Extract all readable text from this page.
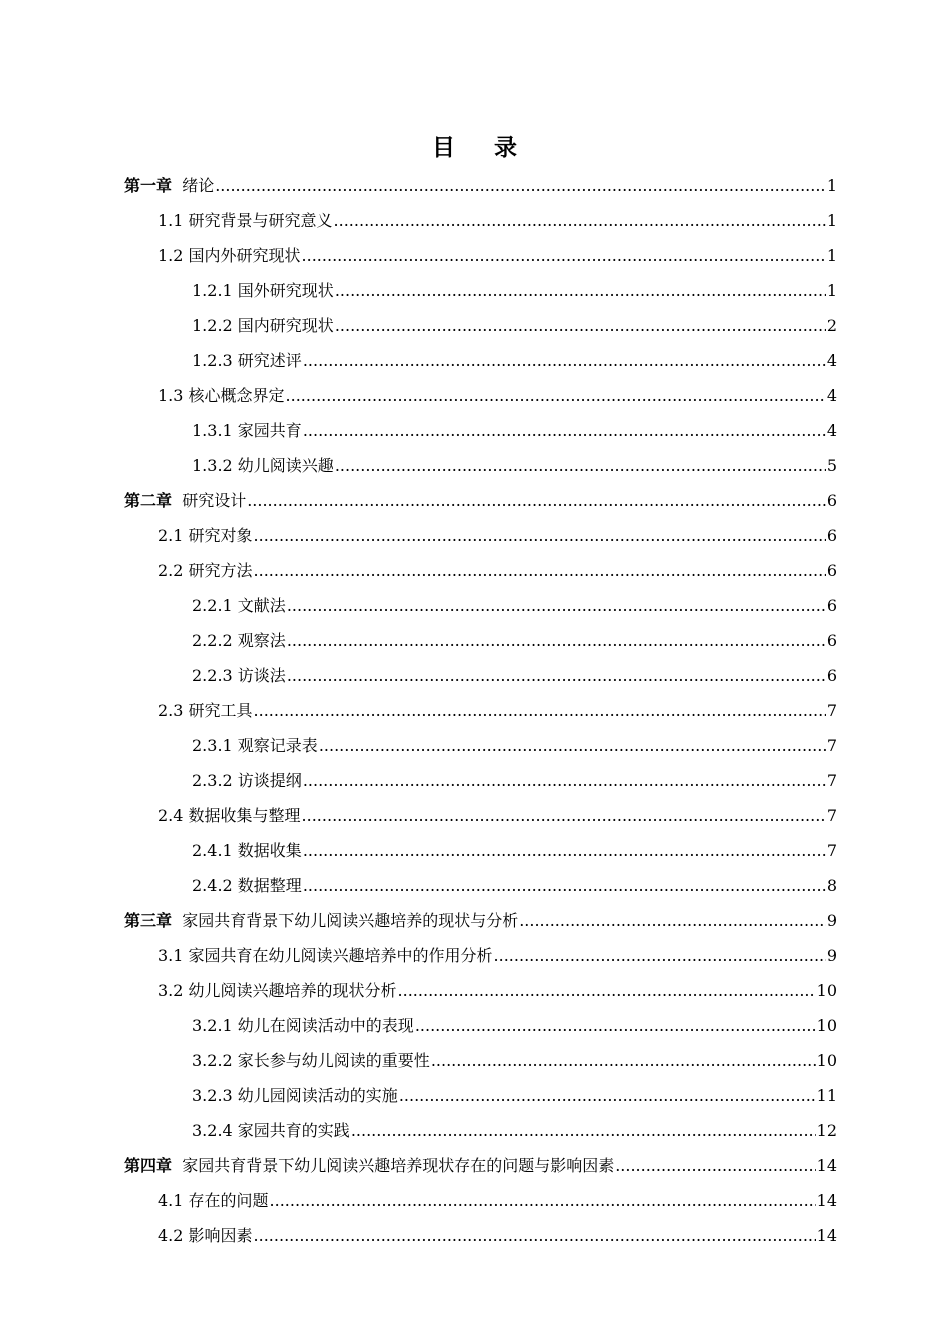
目 录
第一章 绪论 .....	1
1.1 研究背景与研究意义 .....	1
1.2 国内外研究现状 .....	1
1.2.1 国外研究现状 .....	1
1.2.2 国内研究现状 .....	2
1.2.3 研究述评 .....	4
1.3 核心概念界定 .....	4
1.3.1 家园共育 .....	4
1.3.2 幼儿阅读兴趣 .....	5
第二章 研究设计 .....	6
2.1 研究对象 .....	6
2.2 研究方法 .....	6
2.2.1 文献法 .....	6
2.2.2 观察法 .....	6
2.2.3 访谈法 .....	6
2.3 研究工具 .....	7
2.3.1 观察记录表 .....	7
2.3.2 访谈提纲 .....	7
2.4 数据收集与整理 .....	7
2.4.1 数据收集 .....	7
2.4.2 数据整理 .....	8
第三章 家园共育背景下幼儿阅读兴趣培养的现状与分析 .....	9
3.1 家园共育在幼儿阅读兴趣培养中的作用分析 .....	9
3.2 幼儿阅读兴趣培养的现状分析 .....	10
3.2.1 幼儿在阅读活动中的表现 .....	10
3.2.2 家长参与幼儿阅读的重要性 .....	10
3.2.3 幼儿园阅读活动的实施 .....	11
3.2.4 家园共育的实践 .....	12
第四章 家园共育背景下幼儿阅读兴趣培养现状存在的问题与影响因素 .....	14
4.1 存在的问题 .....	14
4.2 影响因素 .....	14
